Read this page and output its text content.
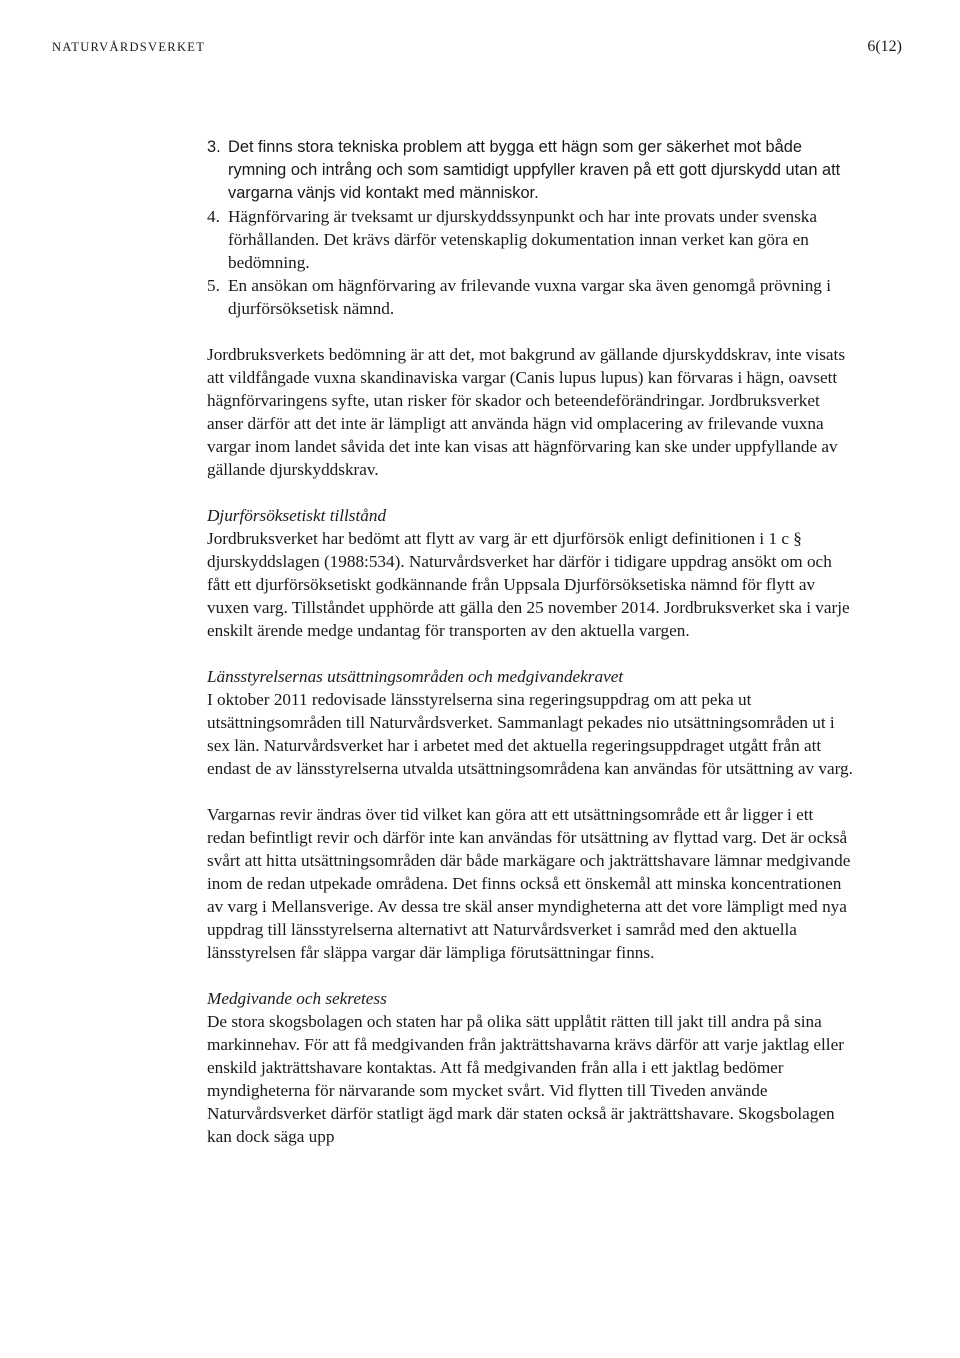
NATURVÅRDSVERKET	6(12)
3. Det finns stora tekniska problem att bygga ett hägn som ger säkerhet mot både rymning och intrång och som samtidigt uppfyller kraven på ett gott djurskydd utan att vargarna vänjs vid kontakt med människor.
4. Hägnförvaring är tveksamt ur djurskyddssynpunkt och har inte provats under svenska förhållanden. Det krävs därför vetenskaplig dokumentation innan verket kan göra en bedömning.
5. En ansökan om hägnförvaring av frilevande vuxna vargar ska även genomgå prövning i djurförsöksetisk nämnd.

Jordbruksverkets bedömning är att det, mot bakgrund av gällande djurskyddskrav, inte visats att vildfångade vuxna skandinaviska vargar (Canis lupus lupus) kan förvaras i hägn, oavsett hägnförvaringens syfte, utan risker för skador och beteendeförändringar. Jordbruksverket anser därför att det inte är lämpligt att använda hägn vid omplacering av frilevande vuxna vargar inom landet såvida det inte kan visas att hägnförvaring kan ske under uppfyllande av gällande djurskyddskrav.

Djurförsöksetiskt tillstånd

Jordbruksverket har bedömt att flytt av varg är ett djurförsök enligt definitionen i 1 c § djurskyddslagen (1988:534). Naturvårdsverket har därför i tidigare uppdrag ansökt om och fått ett djurförsöksetiskt godkännande från Uppsala Djurförsöksetiska nämnd för flytt av vuxen varg. Tillståndet upphörde att gälla den 25 november 2014. Jordbruksverket ska i varje enskilt ärende medge undantag för transporten av den aktuella vargen.

Länsstyrelsernas utsättningsområden och medgivandekravet

I oktober 2011 redovisade länsstyrelserna sina regeringsuppdrag om att peka ut utsättningsområden till Naturvårdsverket. Sammanlagt pekades nio utsättningsområden ut i sex län. Naturvårdsverket har i arbetet med det aktuella regeringsuppdraget utgått från att endast de av länsstyrelserna utvalda utsättningsområdena kan användas för utsättning av varg.

Vargarnas revir ändras över tid vilket kan göra att ett utsättningsområde ett år ligger i ett redan befintligt revir och därför inte kan användas för utsättning av flyttad varg. Det är också svårt att hitta utsättningsområden där både markägare och jakträttshavare lämnar medgivande inom de redan utpekade områdena. Det finns också ett önskemål att minska koncentrationen av varg i Mellansverige. Av dessa tre skäl anser myndigheterna att det vore lämpligt med nya uppdrag till länsstyrelserna alternativt att Naturvårdsverket i samråd med den aktuella länsstyrelsen får släppa vargar där lämpliga förutsättningar finns.

Medgivande och sekretess

De stora skogsbolagen och staten har på olika sätt upplåtit rätten till jakt till andra på sina markinnehav. För att få medgivanden från jakträttshavarna krävs därför att varje jaktlag eller enskild jakträttshavare kontaktas. Att få medgivanden från alla i ett jaktlag bedömer myndigheterna för närvarande som mycket svårt. Vid flytten till Tiveden använde Naturvårdsverket därför statligt ägd mark där staten också är jakträttshavare. Skogsbolagen kan dock säga upp
